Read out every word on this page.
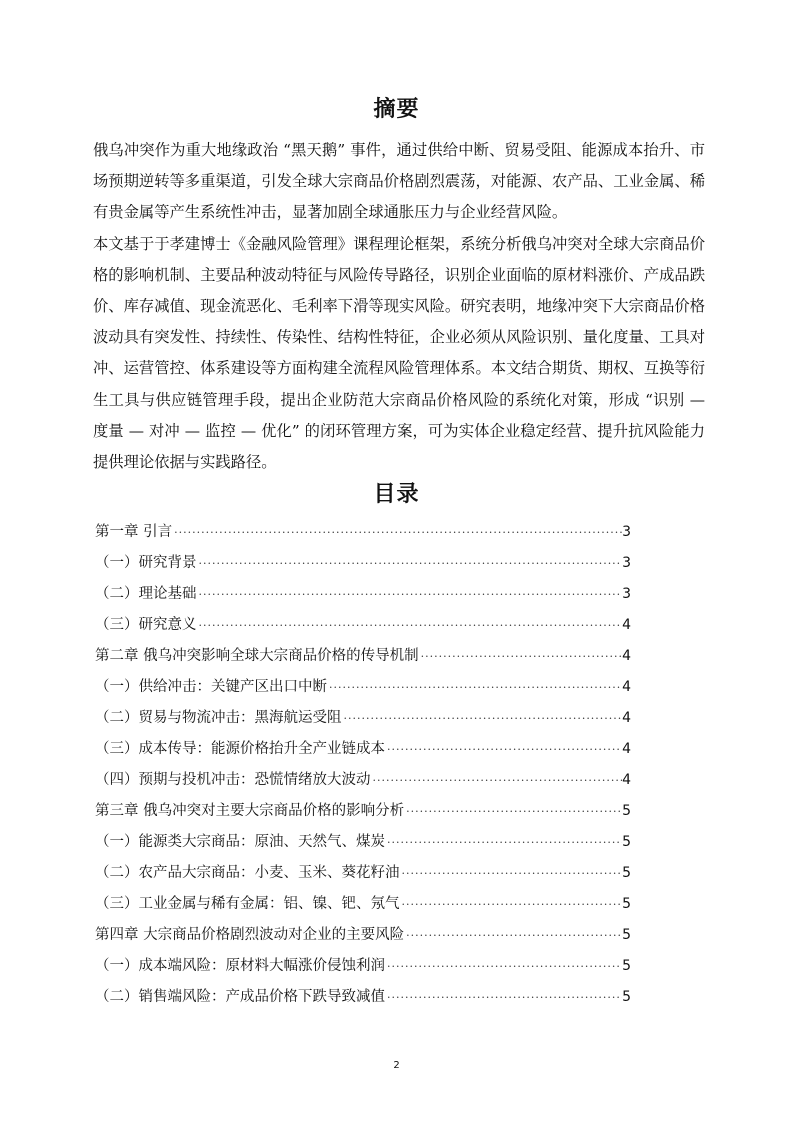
摘要

俄乌冲突作为重大地缘政治 “黑天鹅” 事件，通过供给中断、贸易受阻、能源成本抬升、市场预期逆转等多重渠道，引发全球大宗商品价格剧烈震荡，对能源、农产品、工业金属、稀有贵金属等产生系统性冲击，显著加剧全球通胀压力与企业经营风险。

本文基于于孝建博士《金融风险管理》课程理论框架，系统分析俄乌冲突对全球大宗商品价格的影响机制、主要品种波动特征与风险传导路径，识别企业面临的原材料涨价、产成品跌价、库存减值、现金流恶化、毛利率下滑等现实风险。研究表明，地缘冲突下大宗商品价格波动具有突发性、持续性、传染性、结构性特征，企业必须从风险识别、量化度量、工具对冲、运营管控、体系建设等方面构建全流程风险管理体系。本文结合期货、期权、互换等衍生工具与供应链管理手段，提出企业防范大宗商品价格风险的系统化对策，形成 “识别 — 度量 — 对冲 — 监控 — 优化” 的闭环管理方案，可为实体企业稳定经营、提升抗风险能力提供理论依据与实践路径。

目录
第一章 引言 ·····	3
（一）研究背景 ·····	3
（二）理论基础 ·····	3
（三）研究意义 ·····	4
第二章 俄乌冲突影响全球大宗商品价格的传导机制 ·····	4
（一）供给冲击：关键产区出口中断 ·····	4
（二）贸易与物流冲击：黑海航运受阻 ·····	4
（三）成本传导：能源价格抬升全产业链成本 ·····	4
（四）预期与投机冲击：恐慌情绪放大波动 ·····	4
第三章 俄乌冲突对主要大宗商品价格的影响分析 ·····	5
（一）能源类大宗商品：原油、天然气、煤炭 ·····	5
（二）农产品大宗商品：小麦、玉米、葵花籽油 ·····	5
（三）工业金属与稀有金属：铝、镍、钯、氖气 ·····	5
第四章 大宗商品价格剧烈波动对企业的主要风险 ·····	5
（一）成本端风险：原材料大幅涨价侵蚀利润 ·····	5
（二）销售端风险：产成品价格下跌导致减值 ·····	5
2
